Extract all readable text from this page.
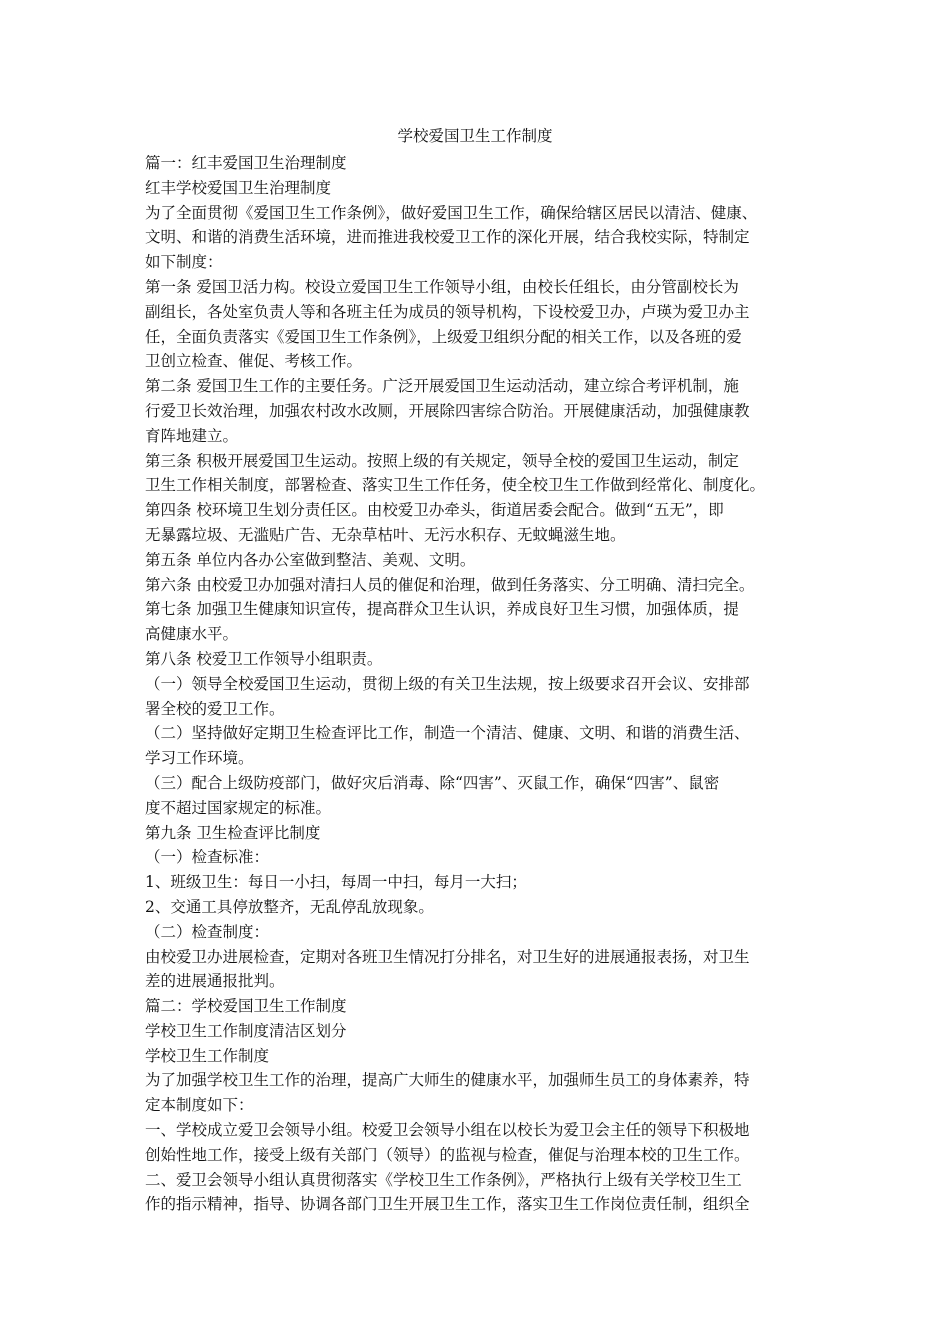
学校爱国卫生工作制度
篇一：红丰爱国卫生治理制度
红丰学校爱国卫生治理制度
为了全面贯彻《爱国卫生工作条例》，做好爱国卫生工作，确保给辖区居民以清洁、健康、
文明、和谐的消费生活环境，进而推进我校爱卫工作的深化开展，结合我校实际，特制定
如下制度：
第一条 爱国卫活力构。校设立爱国卫生工作领导小组，由校长任组长，由分管副校长为
副组长，各处室负责人等和各班主任为成员的领导机构，下设校爱卫办，卢瑛为爱卫办主
任，全面负责落实《爱国卫生工作条例》，上级爱卫组织分配的相关工作，以及各班的爱
卫创立检查、催促、考核工作。
第二条 爱国卫生工作的主要任务。广泛开展爱国卫生运动活动，建立综合考评机制，施
行爱卫长效治理，加强农村改水改厕，开展除四害综合防治。开展健康活动，加强健康教
育阵地建立。
第三条 积极开展爱国卫生运动。按照上级的有关规定，领导全校的爱国卫生运动，制定
卫生工作相关制度，部署检查、落实卫生工作任务，使全校卫生工作做到经常化、制度化。
第四条 校环境卫生划分责任区。由校爱卫办牵头，街道居委会配合。做到“五无”，即
无暴露垃圾、无滥贴广告、无杂草枯叶、无污水积存、无蚊蝇滋生地。
第五条 单位内各办公室做到整洁、美观、文明。
第六条 由校爱卫办加强对清扫人员的催促和治理，做到任务落实、分工明确、清扫完全。
第七条 加强卫生健康知识宣传，提高群众卫生认识，养成良好卫生习惯，加强体质，提
高健康水平。
第八条 校爱卫工作领导小组职责。
（一）领导全校爱国卫生运动，贯彻上级的有关卫生法规，按上级要求召开会议、安排部
署全校的爱卫工作。
（二）坚持做好定期卫生检查评比工作，制造一个清洁、健康、文明、和谐的消费生活、
学习工作环境。
（三）配合上级防疫部门，做好灾后消毒、除“四害”、灭鼠工作，确保“四害”、鼠密
度不超过国家规定的标准。
第九条 卫生检查评比制度
（一）检查标准：
1、班级卫生：每日一小扫，每周一中扫，每月一大扫；
2、交通工具停放整齐，无乱停乱放现象。
（二）检查制度：
由校爱卫办进展检查，定期对各班卫生情况打分排名，对卫生好的进展通报表扬，对卫生
差的进展通报批判。
篇二：学校爱国卫生工作制度
学校卫生工作制度清洁区划分
学校卫生工作制度
为了加强学校卫生工作的治理，提高广大师生的健康水平，加强师生员工的身体素养，特
定本制度如下：
一、学校成立爱卫会领导小组。校爱卫会领导小组在以校长为爱卫会主任的领导下积极地
创始性地工作，接受上级有关部门（领导）的监视与检查，催促与治理本校的卫生工作。
二、爱卫会领导小组认真贯彻落实《学校卫生工作条例》，严格执行上级有关学校卫生工
作的指示精神，指导、协调各部门卫生开展卫生工作，落实卫生工作岗位责任制，组织全
